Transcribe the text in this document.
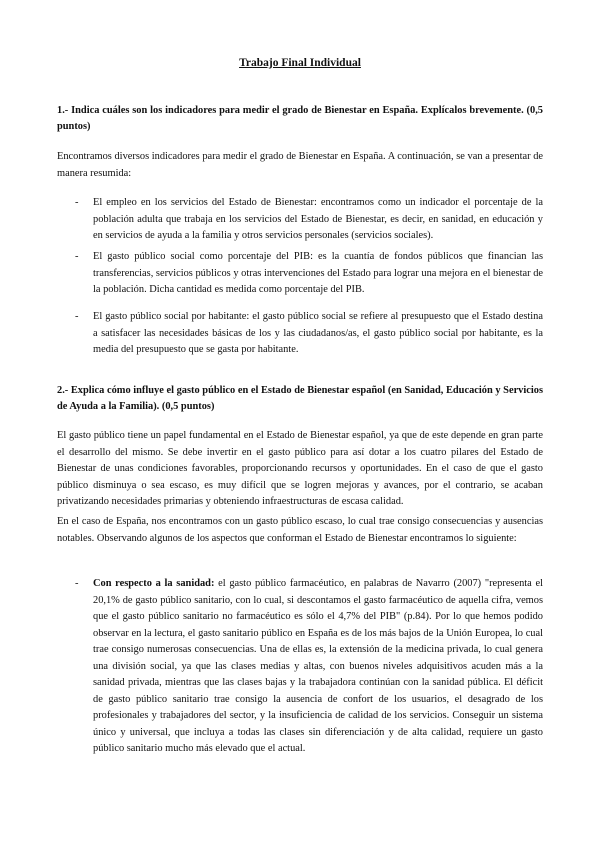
Trabajo Final Individual

1.- Indica cuáles son los indicadores para medir el grado de Bienestar en España. Explícalos brevemente. (0,5 puntos)

Encontramos diversos indicadores para medir el grado de Bienestar en España. A continuación, se van a presentar de manera resumida:

- El empleo en los servicios del Estado de Bienestar: encontramos como un indicador el porcentaje de la población adulta que trabaja en los servicios del Estado de Bienestar, es decir, en sanidad, en educación y en servicios de ayuda a la familia y otros servicios personales (servicios sociales).
- El gasto público social como porcentaje del PIB: es la cuantía de fondos públicos que financian las transferencias, servicios públicos y otras intervenciones del Estado para lograr una mejora en el bienestar de la población. Dicha cantidad es medida como porcentaje del PIB.
- El gasto público social por habitante: el gasto público social se refiere al presupuesto que el Estado destina a satisfacer las necesidades básicas de los y las ciudadanos/as, el gasto público social por habitante, es la media del presupuesto que se gasta por habitante.

2.- Explica cómo influye el gasto público en el Estado de Bienestar español (en Sanidad, Educación y Servicios de Ayuda a la Familia). (0,5 puntos)

El gasto público tiene un papel fundamental en el Estado de Bienestar español, ya que de este depende en gran parte el desarrollo del mismo. Se debe invertir en el gasto público para así dotar a los cuatro pilares del Estado de Bienestar de unas condiciones favorables, proporcionando recursos y oportunidades. En el caso de que el gasto público disminuya o sea escaso, es muy difícil que se logren mejoras y avances, por el contrario, se acaban privatizando necesidades primarias y obteniendo infraestructuras de escasa calidad.

En el caso de España, nos encontramos con un gasto público escaso, lo cual trae consigo consecuencias y ausencias notables. Observando algunos de los aspectos que conforman el Estado de Bienestar encontramos lo siguiente:

- Con respecto a la sanidad: el gasto público farmacéutico, en palabras de Navarro (2007) "representa el 20,1% de gasto público sanitario, con lo cual, si descontamos el gasto farmacéutico de aquella cifra, vemos que el gasto público sanitario no farmacéutico es sólo el 4,7% del PIB" (p.84). Por lo que hemos podido observar en la lectura, el gasto sanitario público en España es de los más bajos de la Unión Europea, lo cual trae consigo numerosas consecuencias. Una de ellas es, la extensión de la medicina privada, lo cual genera una división social, ya que las clases medias y altas, con buenos niveles adquisitivos acuden más a la sanidad privada, mientras que las clases bajas y la trabajadora continúan con la sanidad pública. El déficit de gasto público sanitario trae consigo la ausencia de confort de los usuarios, el desagrado de los profesionales y trabajadores del sector, y la insuficiencia de calidad de los servicios. Conseguir un sistema único y universal, que incluya a todas las clases sin diferenciación y de alta calidad, requiere un gasto público sanitario mucho más elevado que el actual.
